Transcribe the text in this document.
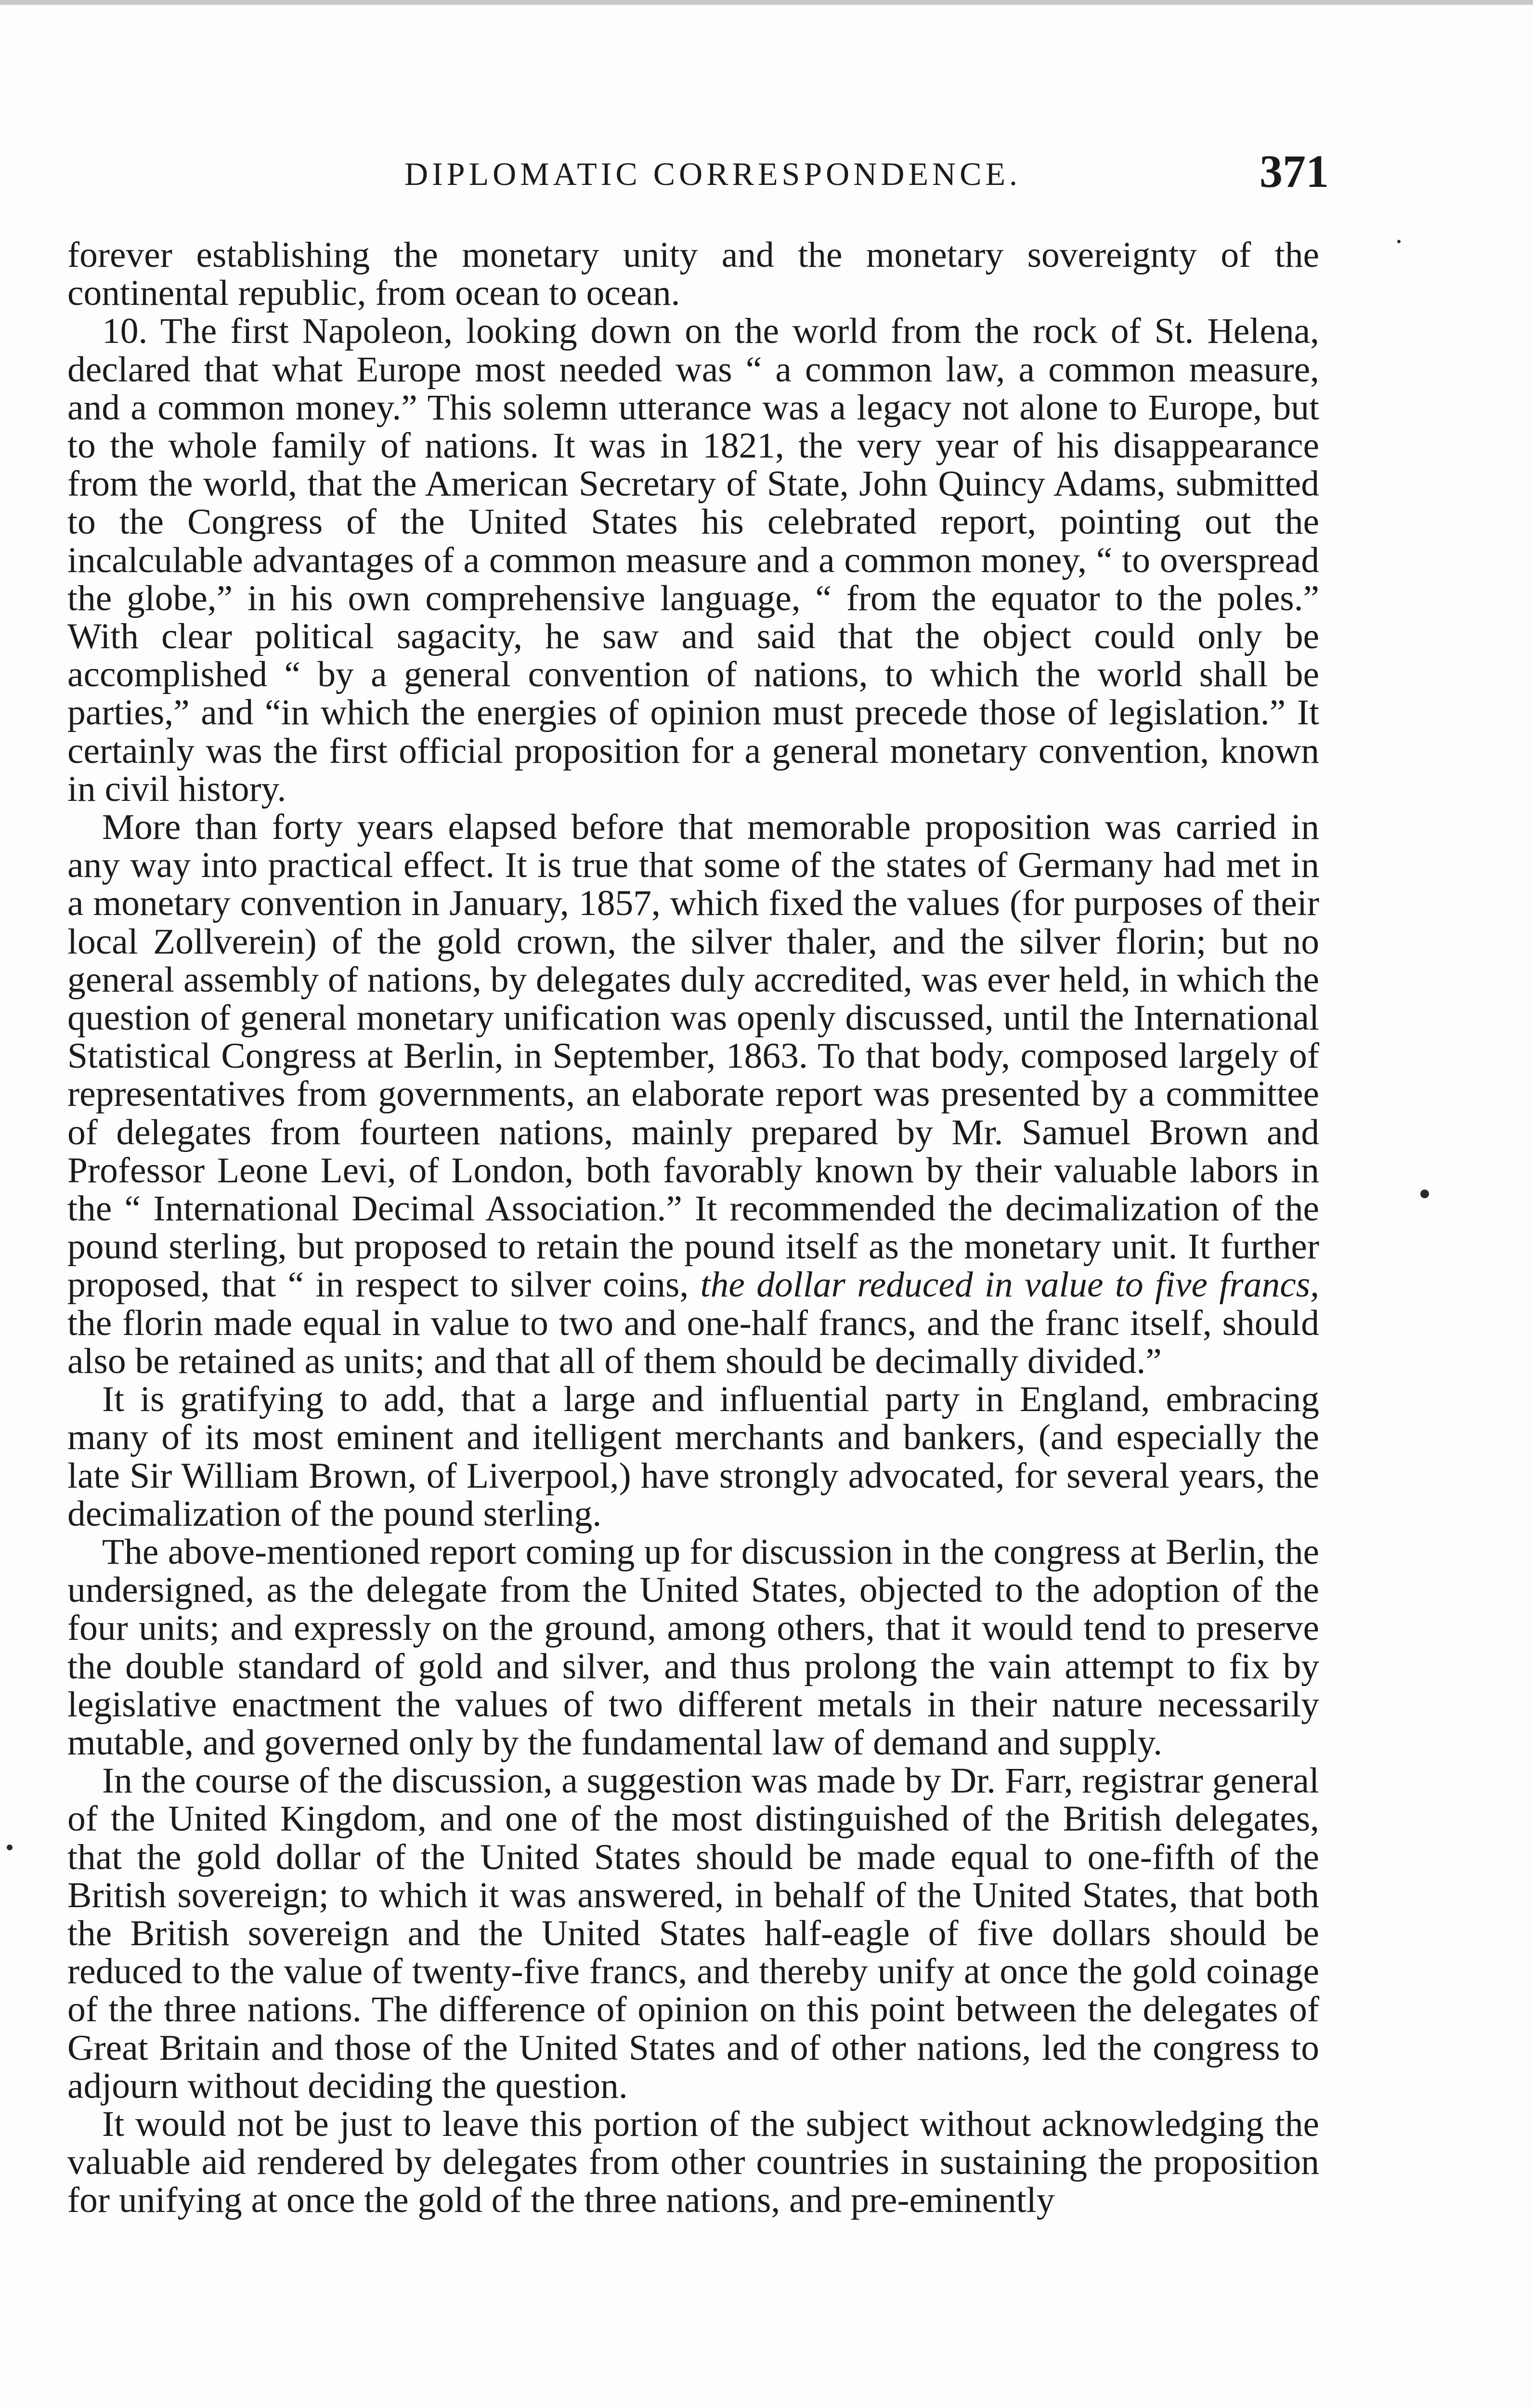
DIPLOMATIC CORRESPONDENCE.	371

forever establishing the monetary unity and the monetary sovereignty of the continental republic, from ocean to ocean.

10. The first Napoleon, looking down on the world from the rock of St. Helena, declared that what Europe most needed was “ a common law, a common measure, and a common money.” This solemn utterance was a legacy not alone to Europe, but to the whole family of nations. It was in 1821, the very year of his disappearance from the world, that the American Secretary of State, John Quincy Adams, submitted to the Congress of the United States his celebrated report, pointing out the incalculable advantages of a common measure and a common money, “ to overspread the globe,” in his own comprehensive language, “ from the equator to the poles.” With clear political sagacity, he saw and said that the object could only be accomplished “ by a general convention of nations, to which the world shall be parties,” and “in which the energies of opinion must precede those of legislation.” It certainly was the first official proposition for a general monetary convention, known in civil history.

More than forty years elapsed before that memorable proposition was carried in any way into practical effect. It is true that some of the states of Germany had met in a monetary convention in January, 1857, which fixed the values (for purposes of their local Zollverein) of the gold crown, the silver thaler, and the silver florin; but no general assembly of nations, by delegates duly accredited, was ever held, in which the question of general monetary unification was openly discussed, until the International Statistical Congress at Berlin, in September, 1863. To that body, composed largely of representatives from governments, an elaborate report was presented by a committee of delegates from fourteen nations, mainly prepared by Mr. Samuel Brown and Professor Leone Levi, of London, both favorably known by their valuable labors in the “ International Decimal Association.” It recommended the decimalization of the pound sterling, but proposed to retain the pound itself as the monetary unit. It further proposed, that “ in respect to silver coins, the dollar reduced in value to five francs, the florin made equal in value to two and one-half francs, and the franc itself, should also be retained as units; and that all of them should be decimally divided.”

It is gratifying to add, that a large and influential party in England, embracing many of its most eminent and itelligent merchants and bankers, (and especially the late Sir William Brown, of Liverpool,) have strongly advocated, for several years, the decimalization of the pound sterling.

The above-mentioned report coming up for discussion in the congress at Berlin, the undersigned, as the delegate from the United States, objected to the adoption of the four units; and expressly on the ground, among others, that it would tend to preserve the double standard of gold and silver, and thus prolong the vain attempt to fix by legislative enactment the values of two different metals in their nature necessarily mutable, and governed only by the fundamental law of demand and supply.

In the course of the discussion, a suggestion was made by Dr. Farr, registrar general of the United Kingdom, and one of the most distinguished of the British delegates, that the gold dollar of the United States should be made equal to one-fifth of the British sovereign; to which it was answered, in behalf of the United States, that both the British sovereign and the United States half-eagle of five dollars should be reduced to the value of twenty-five francs, and thereby unify at once the gold coinage of the three nations. The difference of opinion on this point between the delegates of Great Britain and those of the United States and of other nations, led the congress to adjourn without deciding the question.

It would not be just to leave this portion of the subject without acknowledging the valuable aid rendered by delegates from other countries in sustaining the proposition for unifying at once the gold of the three nations, and pre-eminently
